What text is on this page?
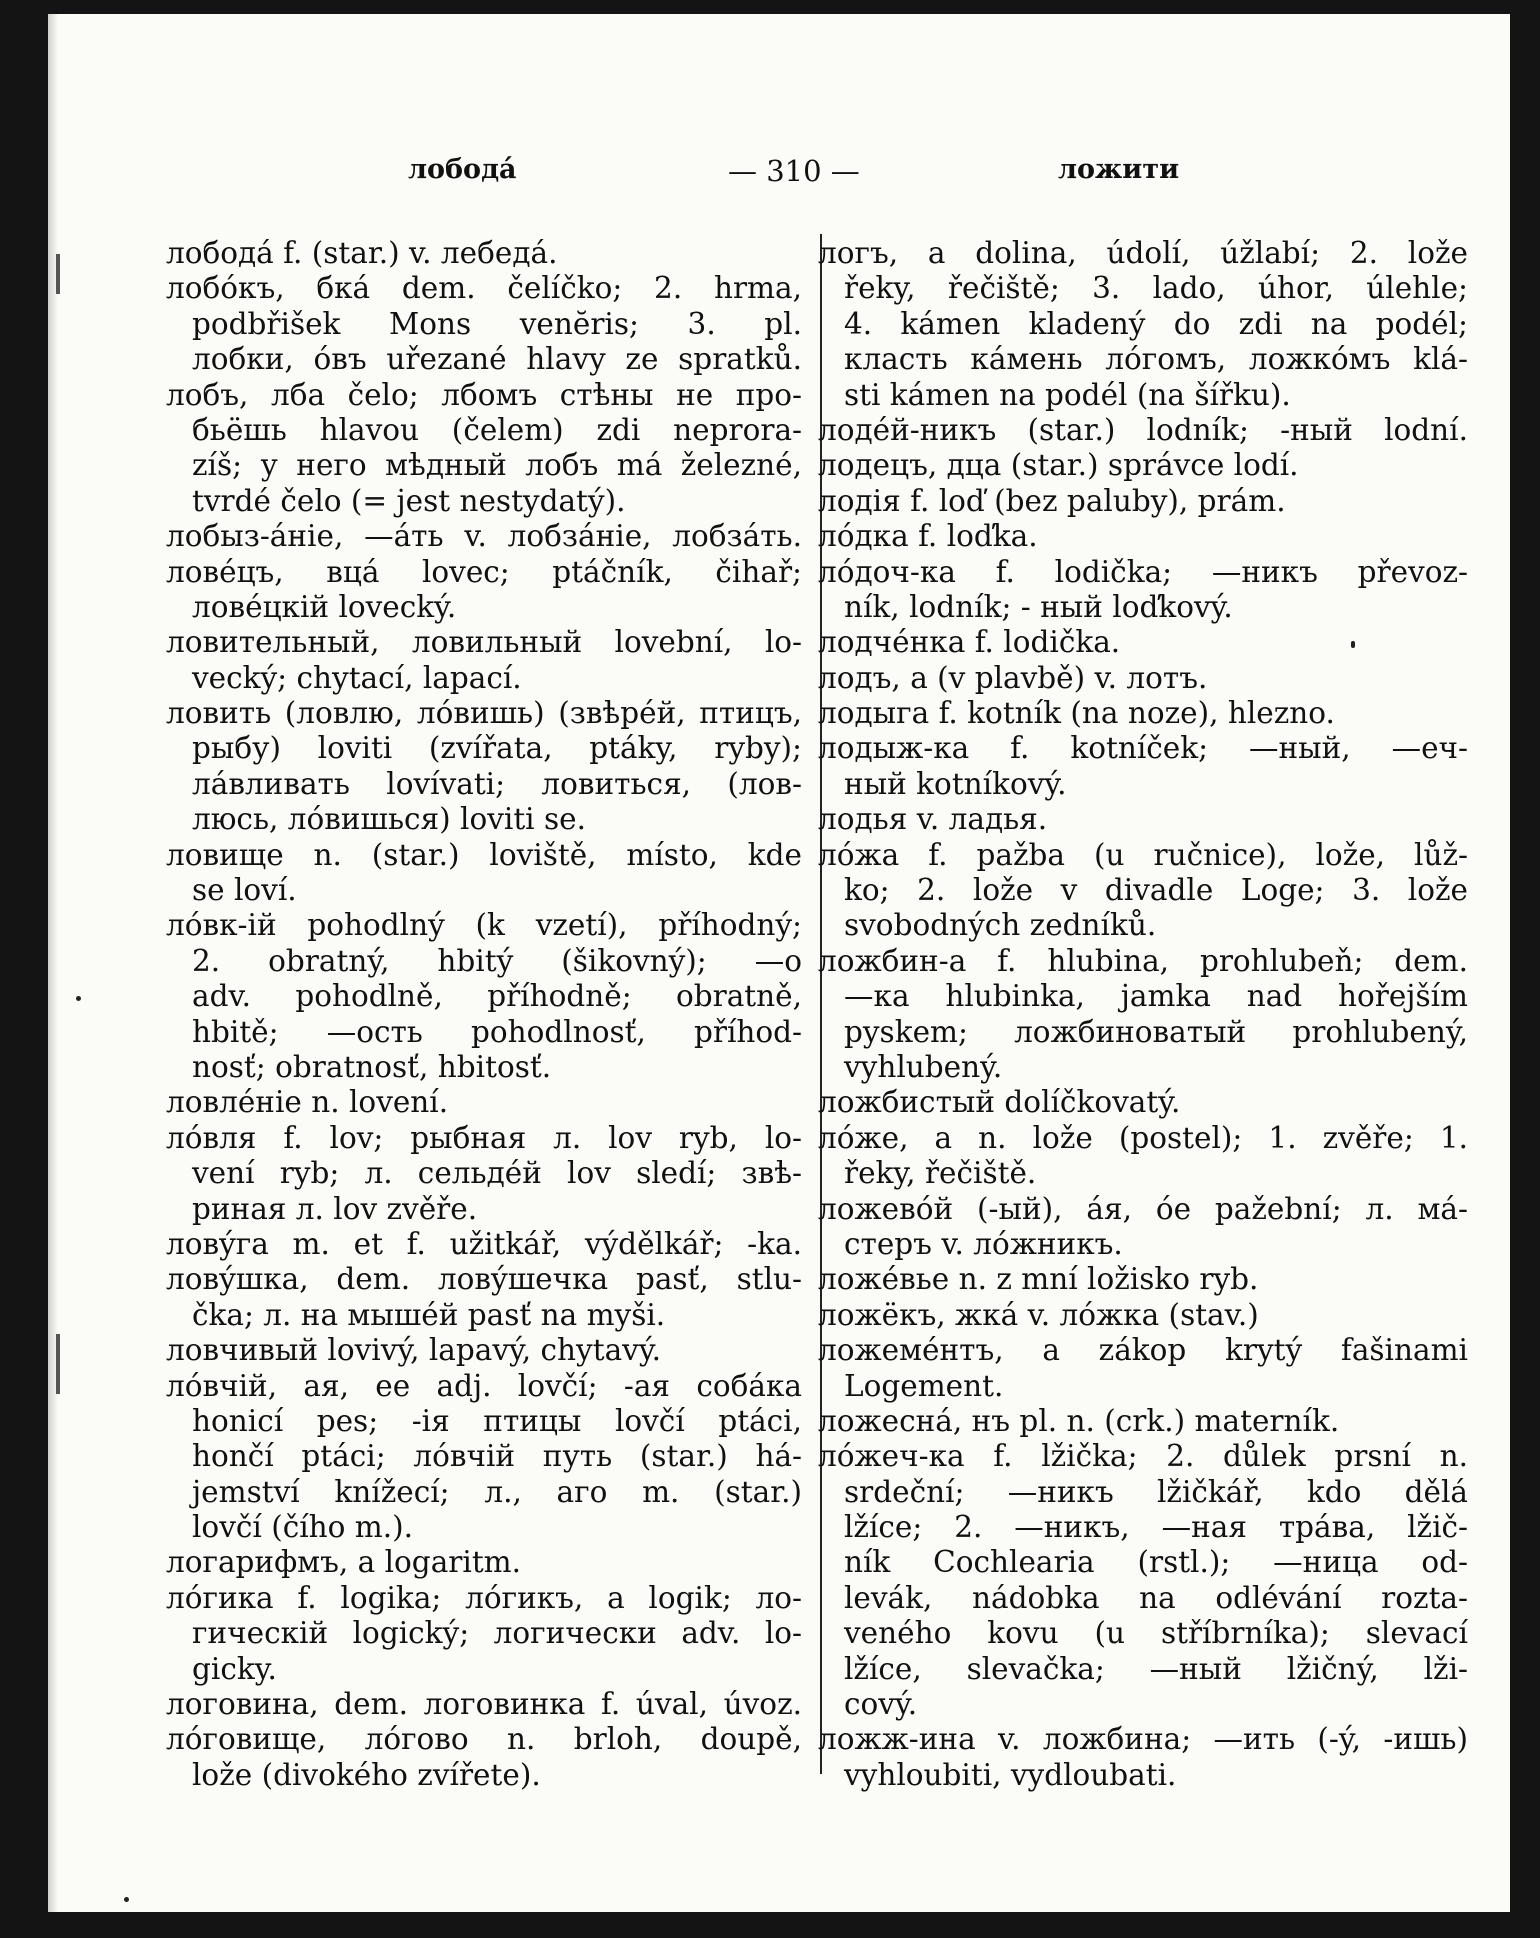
лободá	— 310 —	ложити
лободá f. (star.) v. лебедá.
лобóкъ, бкá dem. čelíčko; 2. hrma,
podbřišek Mons venĕris; 3. pl.
лобки, óвъ uřezané hlavy ze spratků.
лобъ, лба čelo; лбомъ стѣны не про-
бьёшь hlavou (čelem) zdi neprora-
zíš; у него мѣдный лобъ má železné,
tvrdé čelo (= jest nestydatý).
лобыз-áніе, —áть v. лобзáніе, лобзáть.
ловéцъ, вцá lovec; ptáčník, čihař;
ловéцкій lovecký.
ловительный, ловильный lovební, lo-
vecký; chytací, lapací.
ловить (ловлю, лóвишь) (звѣрéй, птицъ,
рыбу) loviti (zvířata, ptáky, ryby);
лáвливать lovívati; ловиться, (лов-
люсь, лóвишься) loviti se.
ловище n. (star.) loviště, místo, kde
se loví.
лóвк-ій pohodlný (k vzetí), příhodný;
2. obratný, hbitý (šikovný); —o
adv. pohodlně, příhodně; obratně,
hbitě; —ость pohodlnosť, příhod-
nosť; obratnosť, hbitosť.
ловлéніе n. lovení.
лóвля f. lov; рыбная л. lov ryb, lo-
vení ryb; л. сельдéй lov sledí; звѣ-
риная л. lov zvěře.
ловýга m. et f. užitkář, výdělkář; -ka.
ловýшка, dem. ловýшечка pasť, stlu-
čka; л. на мышéй pasť na myši.
ловчивый lovivý, lapavý, chytavý.
лóвчій, ая, ее adj. lovčí; -ая собáка
honicí pes; -ія птицы lovčí ptáci,
hončí ptáci; лóвчій путь (star.) há-
jemství knížecí; л., аго m. (star.)
lovčí (čího m.).
логарифмъ, а logaritm.
лóгика f. logika; лóгикъ, a logik; ло-
гическій logický; логически adv. lo-
gicky.
логовина, dem. логовинка f. úval, úvoz.
лóговище, лóгово n. brloh, doupě,
lože (divokého zvířete).
логъ, a dolina, údolí, úžlabí; 2. lože
řeky, řečiště; 3. lado, úhor, úlehle;
4. kámen kladený do zdi na podél;
класть кáмень лóгомъ, ложкóмъ klá-
sti kámen na podél (na šířku).
лодéй-никъ (star.) lodník; -ный lodní.
лодецъ, дца (star.) správce lodí.
лодія f. loď (bez paluby), prám.
лóдка f. loďka.
лóдоч-ка f. lodička; —никъ převoz-
ník, lodník; - ный loďkový.
лодчéнка f. lodička.
лодъ, a (v plavbě) v. лотъ.
лодыга f. kotník (na noze), hlezno.
лодыж-ка f. kotníček; —ный, —еч-
ный kotníkový.
лодья v. ладья.
лóжа f. pažba (u ručnice), lože, lůž-
ko; 2. lože v divadle Loge; 3. lože
svobodných zedníků.
ложбин-а f. hlubina, prohlubeň; dem.
—ка hlubinka, jamka nad hořejším
pyskem; ложбиноватый prohlubený,
vyhlubený.
ложбистый dolíčkovatý.
лóже, a n. lože (postel); 1. zvěře; 1.
řeky, řečiště.
ложевóй (-ый), áя, óе pažební; л. мá-
стеръ v. лóжникъ.
ложéвье n. z mní ložisko ryb.
ложёкъ, жкá v. лóжка (stav.)
ложемéнтъ, a zákop krytý fašinami
Logement.
ложеснá, нъ pl. n. (crk.) materník.
лóжеч-ка f. lžička; 2. důlek prsní n.
srdeční; —никъ lžičkář, kdo dělá
lžíce; 2. —никъ, —ная трáва, lžič-
ník Cochlearia (rstl.); —ница od-
levák, nádobka na odlévání rozta-
veného kovu (u stříbrníka); slevací
lžíce, slevačka; —ный lžičný, lži-
cový.
ложж-ина v. ложбина; —ить (-ý, -ишь)
vyhloubiti, vydloubati.
